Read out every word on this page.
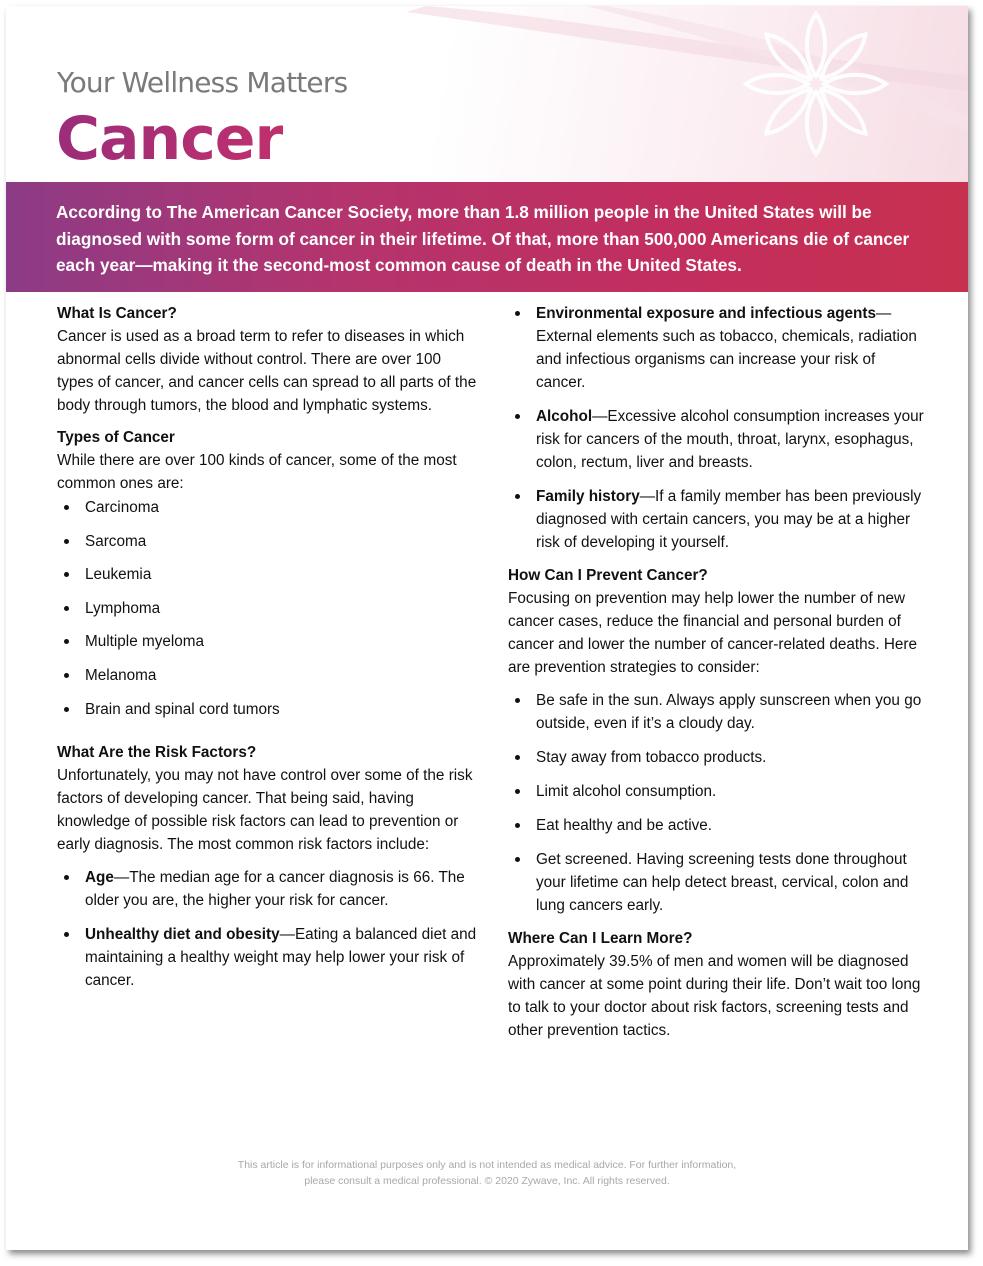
Your Wellness Matters
Cancer

According to The American Cancer Society, more than 1.8 million people in the United States will be diagnosed with some form of cancer in their lifetime. Of that, more than 500,000 Americans die of cancer each year—making it the second-most common cause of death in the United States.

What Is Cancer?

Cancer is used as a broad term to refer to diseases in which abnormal cells divide without control. There are over 100 types of cancer, and cancer cells can spread to all parts of the body through tumors, the blood and lymphatic systems.

Types of Cancer

While there are over 100 kinds of cancer, some of the most common ones are:

Carcinoma
Sarcoma
Leukemia
Lymphoma
Multiple myeloma
Melanoma
Brain and spinal cord tumors
What Are the Risk Factors?

Unfortunately, you may not have control over some of the risk factors of developing cancer. That being said, having knowledge of possible risk factors can lead to prevention or early diagnosis. The most common risk factors include:

Age—The median age for a cancer diagnosis is 66. The older you are, the higher your risk for cancer.
Unhealthy diet and obesity—Eating a balanced diet and maintaining a healthy weight may help lower your risk of cancer.
Environmental exposure and infectious agents—External elements such as tobacco, chemicals, radiation and infectious organisms can increase your risk of cancer.
Alcohol—Excessive alcohol consumption increases your risk for cancers of the mouth, throat, larynx, esophagus, colon, rectum, liver and breasts.
Family history—If a family member has been previously diagnosed with certain cancers, you may be at a higher risk of developing it yourself.
How Can I Prevent Cancer?

Focusing on prevention may help lower the number of new cancer cases, reduce the financial and personal burden of cancer and lower the number of cancer-related deaths. Here are prevention strategies to consider:

Be safe in the sun. Always apply sunscreen when you go outside, even if it’s a cloudy day.
Stay away from tobacco products.
Limit alcohol consumption.
Eat healthy and be active.
Get screened. Having screening tests done throughout your lifetime can help detect breast, cervical, colon and lung cancers early.
Where Can I Learn More?

Approximately 39.5% of men and women will be diagnosed with cancer at some point during their life. Don’t wait too long to talk to your doctor about risk factors, screening tests and other prevention tactics.

This article is for informational purposes only and is not intended as medical advice. For further information,
please consult a medical professional. © 2020 Zywave, Inc. All rights reserved.
